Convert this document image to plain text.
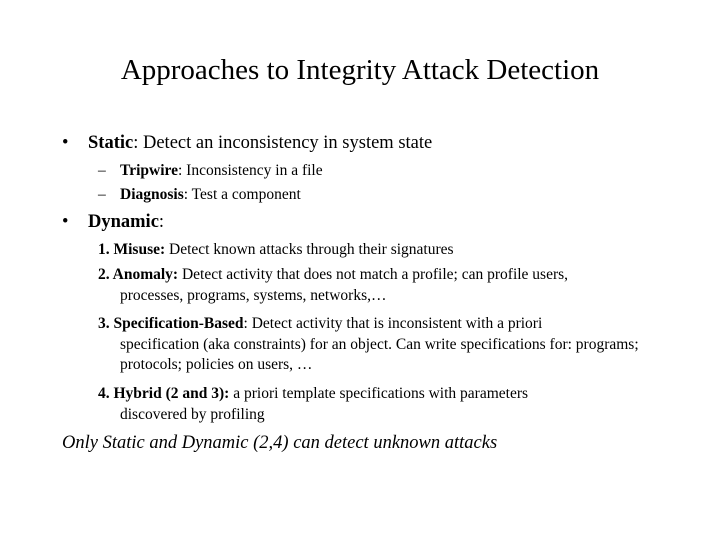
Approaches to Integrity Attack Detection
• Static: Detect an inconsistency in system state
– Tripwire: Inconsistency in a file
– Diagnosis: Test a component
• Dynamic:
1. Misuse: Detect known attacks through their signatures
2. Anomaly: Detect activity that does not match a profile; can profile users,
processes, programs, systems, networks,…
3. Specification-Based: Detect activity that is inconsistent with a priori
specification (aka constraints) for an object. Can write specifications for: programs; protocols; policies on users, …
4. Hybrid (2 and 3): a priori template specifications with parameters
discovered by profiling
Only Static and Dynamic (2,4) can detect unknown attacks
